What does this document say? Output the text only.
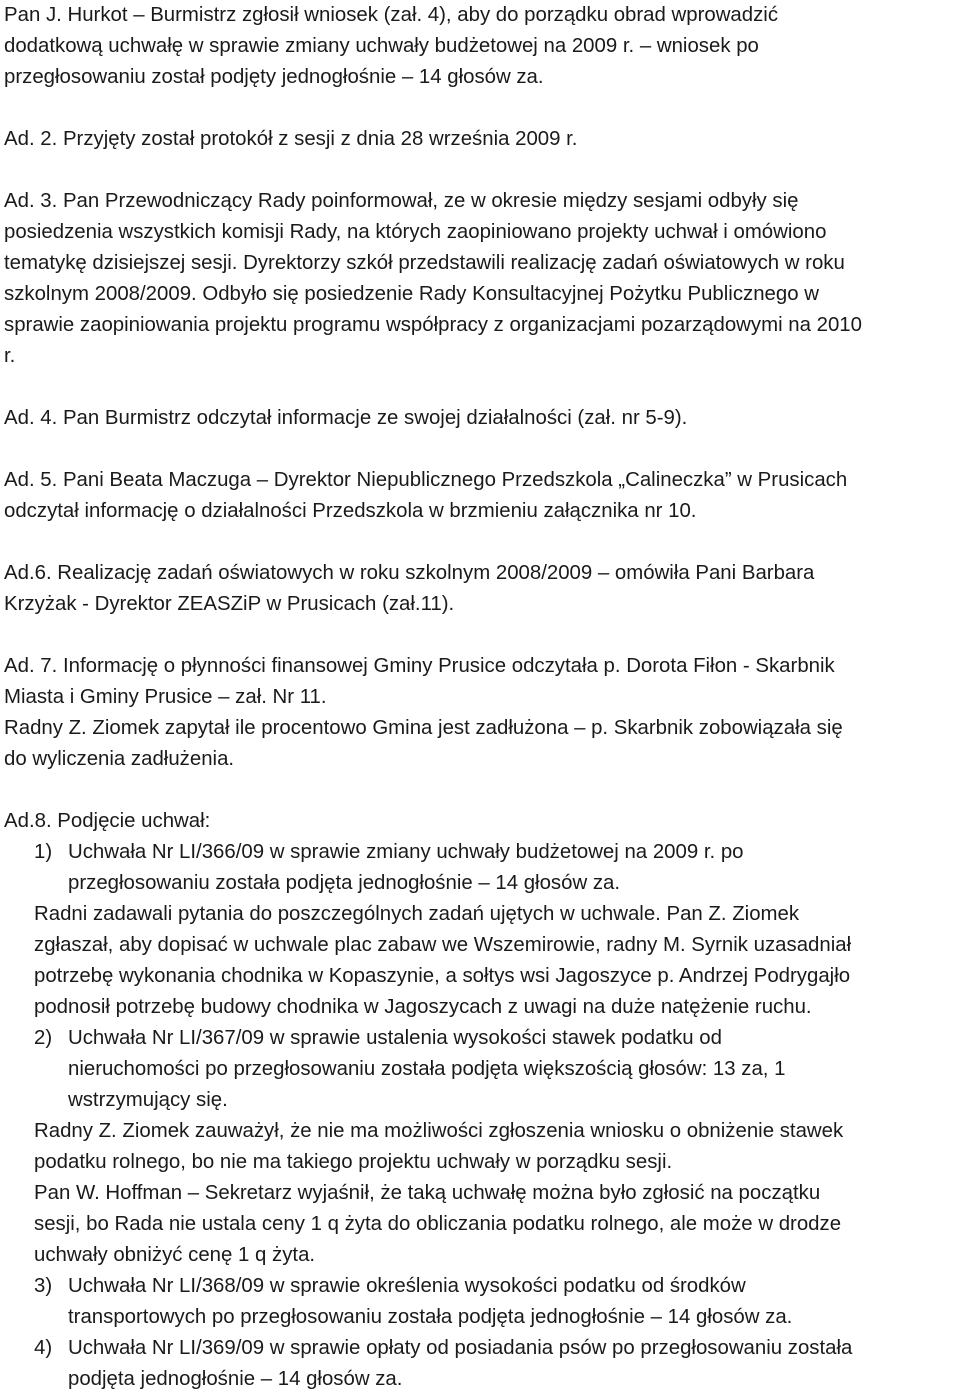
Pan J. Hurkot – Burmistrz zgłosił wniosek (zał. 4), aby do porządku obrad wprowadzić
dodatkową uchwałę w sprawie zmiany uchwały budżetowej na 2009 r. – wniosek po
przegłosowaniu został podjęty jednogłośnie – 14 głosów za.
Ad. 2. Przyjęty został protokół z sesji z dnia 28 września 2009 r.
Ad. 3. Pan Przewodniczący Rady poinformował, ze w okresie między sesjami odbyły się
posiedzenia wszystkich komisji Rady, na których zaopiniowano projekty uchwał i omówiono
tematykę dzisiejszej sesji. Dyrektorzy szkół przedstawili realizację zadań oświatowych w roku
szkolnym 2008/2009. Odbyło się posiedzenie Rady Konsultacyjnej Pożytku Publicznego w
sprawie zaopiniowania projektu programu współpracy z organizacjami pozarządowymi na 2010
r.
Ad. 4. Pan Burmistrz odczytał informacje ze swojej działalności (zał. nr 5-9).
Ad. 5. Pani Beata Maczuga – Dyrektor Niepublicznego Przedszkola „Calineczka” w Prusicach
odczytał informację o działalności Przedszkola w brzmieniu załącznika nr 10.
Ad.6. Realizację zadań oświatowych w roku szkolnym 2008/2009 – omówiła Pani Barbara
Krzyżak - Dyrektor ZEASZiP w Prusicach (zał.11).
Ad. 7. Informację o płynności finansowej Gminy Prusice odczytała p. Dorota Fiłon - Skarbnik
Miasta i Gminy Prusice – zał. Nr 11.
Radny Z. Ziomek zapytał ile procentowo Gmina jest zadłużona – p. Skarbnik zobowiązała się
do wyliczenia zadłużenia.
Ad.8. Podjęcie uchwał:
1) Uchwała Nr LI/366/09 w sprawie zmiany uchwały budżetowej na 2009 r. po
przegłosowaniu została podjęta jednogłośnie – 14 głosów za.
Radni zadawali pytania do poszczególnych zadań ujętych w uchwale. Pan Z. Ziomek
zgłaszał, aby dopisać w uchwale plac zabaw we Wszemirowie, radny M. Syrnik uzasadniał
potrzebę wykonania chodnika w Kopaszynie, a sołtys wsi Jagoszyce p. Andrzej Podrygajło
podnosił potrzebę budowy chodnika w Jagoszycach z uwagi na duże natężenie ruchu.
2) Uchwała Nr LI/367/09 w sprawie ustalenia wysokości stawek podatku od
nieruchomości po przegłosowaniu została podjęta większością głosów: 13 za, 1
wstrzymujący się.
Radny Z. Ziomek zauważył, że nie ma możliwości zgłoszenia wniosku o obniżenie stawek
podatku rolnego, bo nie ma takiego projektu uchwały w porządku sesji.
Pan W. Hoffman – Sekretarz wyjaśnił, że taką uchwałę można było zgłosić na początku
sesji, bo Rada nie ustala ceny 1 q żyta do obliczania podatku rolnego, ale może w drodze
uchwały obniżyć cenę 1 q żyta.
3) Uchwała Nr LI/368/09 w sprawie określenia wysokości podatku od środków
transportowych po przegłosowaniu została podjęta jednogłośnie – 14 głosów za.
4) Uchwała Nr LI/369/09 w sprawie opłaty od posiadania psów po przegłosowaniu została
podjęta jednogłośnie – 14 głosów za.
